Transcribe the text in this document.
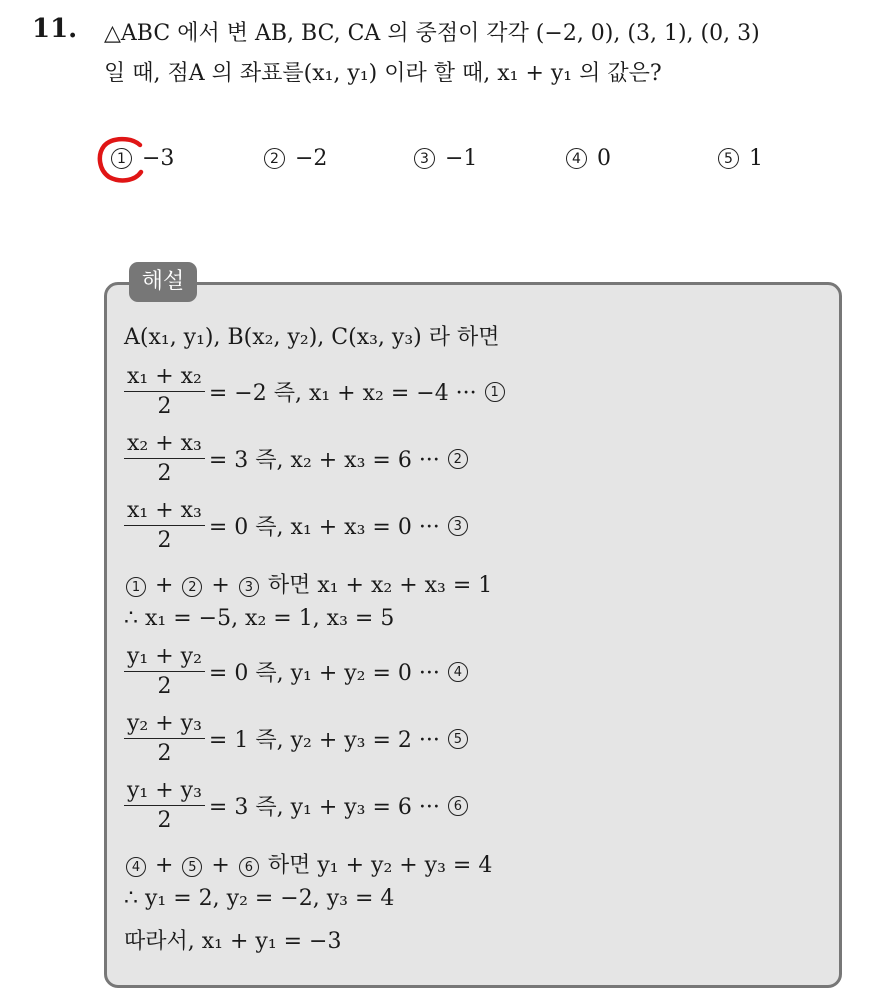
11. △ABC 에서 변 AB, BC, CA 의 중점이 각각 (−2, 0), (3, 1), (0, 3)
일 때, 점A 의 좌표를(x₁, y₁) 이라 할 때, x₁ + y₁ 의 값은?
1 −3	2 −2	3 −1	4 0	5 1
해설
A(x₁, y₁), B(x₂, y₂), C(x₃, y₃) 라 하면
$\frac{\text{x₁ + x₂}}{2} = -2$ 즉, x₁ + x₂ = −4 ···	1
$\frac{\text{x₂ + x₃}}{2} = 3$ 즉, x₂ + x₃ = 6 ···	2
$\frac{\text{x₁ + x₃}}{2} = 0$ 즉, x₁ + x₃ = 0 ···	3
1 + 2 + 3 하면 x₁ + x₂ + x₃ = 1
∴ x₁ = −5, x₂ = 1, x₃ = 5
$\frac{\text{y₁ + y₂}}{2} = 0$ 즉, y₁ + y₂ = 0 ···	4
$\frac{\text{y₂ + y₃}}{2} = 1$ 즉, y₂ + y₃ = 2 ···	5
$\frac{\text{y₁ + y₃}}{2} = 3$ 즉, y₁ + y₃ = 6 ···	6
4 + 5 + 6 하면 y₁ + y₂ + y₃ = 4
∴ y₁ = 2, y₂ = −2, y₃ = 4
따라서, x₁ + y₁ = −3
